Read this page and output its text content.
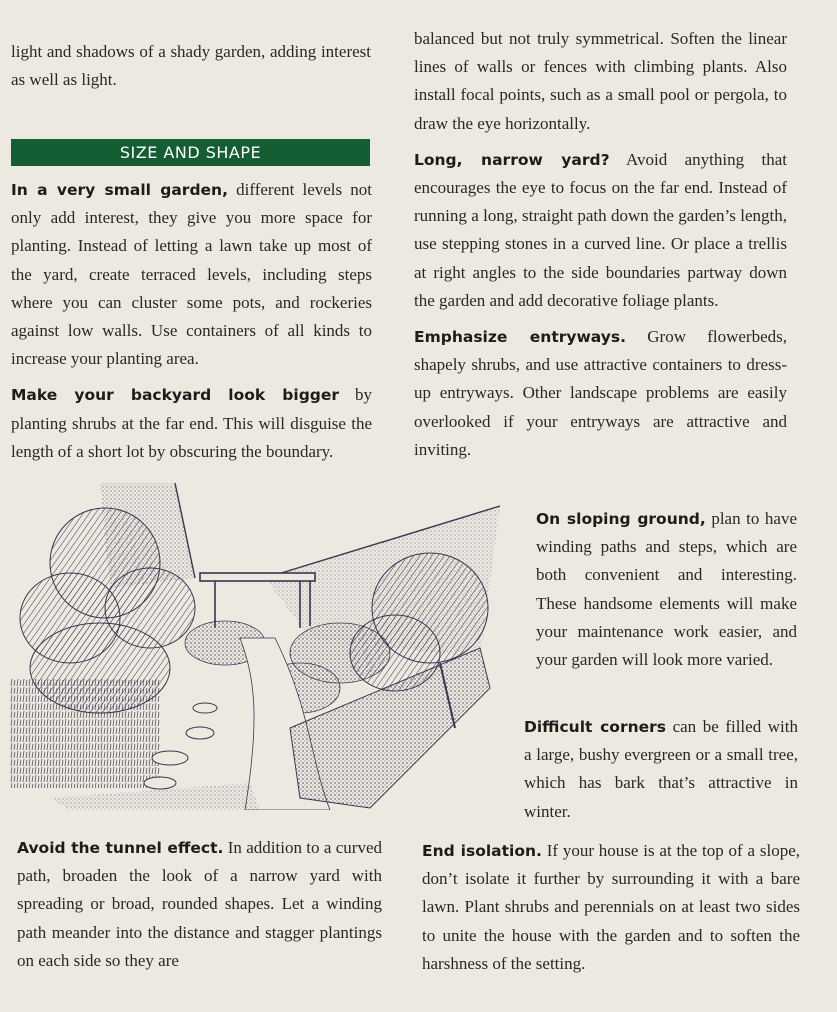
light and shadows of a shady garden, adding interest as well as light.

SIZE AND SHAPE

In a very small garden, different levels not only add interest, they give you more space for planting. Instead of letting a lawn take up most of the yard, create terraced levels, including steps where you can cluster some pots, and rockeries against low walls. Use containers of all kinds to increase your planting area.

Make your backyard look bigger by planting shrubs at the far end. This will disguise the length of a short lot by obscuring the boundary.

balanced but not truly symmetrical. Soften the linear lines of walls or fences with climbing plants. Also install focal points, such as a small pool or pergola, to draw the eye horizontally.

Long, narrow yard? Avoid anything that encourages the eye to focus on the far end. Instead of running a long, straight path down the garden’s length, use stepping stones in a curved line. Or place a trellis at right angles to the side boundaries partway down the garden and add decorative foliage plants.

Emphasize entryways. Grow flowerbeds, shapely shrubs, and use attractive containers to dress-up entryways. Other landscape problems are easily overlooked if your entryways are attractive and inviting.

On sloping ground, plan to have winding paths and steps, which are both convenient and interesting. These handsome elements will make your maintenance work easier, and your garden will look more varied.

Difficult corners can be filled with a large, bushy evergreen or a small tree, which has bark that’s attractive in winter.

Avoid the tunnel effect. In addition to a curved path, broaden the look of a narrow yard with spreading or broad, rounded shapes. Let a winding path meander into the distance and stagger plantings on each side so they are

End isolation. If your house is at the top of a slope, don’t isolate it further by surrounding it with a bare lawn. Plant shrubs and perennials on at least two sides to unite the house with the garden and to soften the harshness of the setting.
